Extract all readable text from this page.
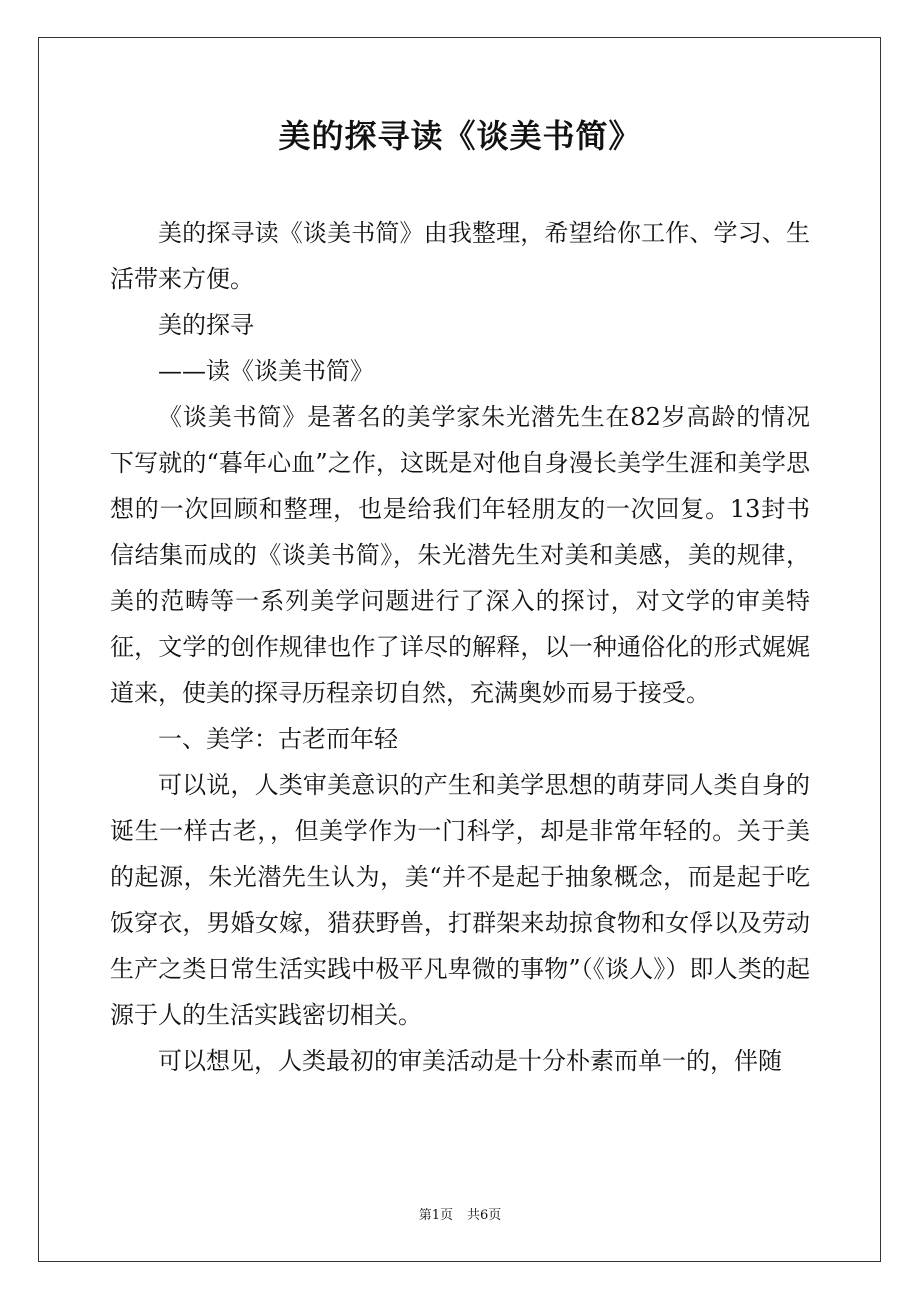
美的探寻读《谈美书简》

美的探寻读《谈美书简》由我整理，希望给你工作、学习、生活带来方便。

美的探寻

——读《谈美书简》

《谈美书简》是著名的美学家朱光潜先生在82岁高龄的情况下写就的“暮年心血”之作，这既是对他自身漫长美学生涯和美学思想的一次回顾和整理，也是给我们年轻朋友的一次回复。13封书信结集而成的《谈美书简》，朱光潜先生对美和美感，美的规律，美的范畴等一系列美学问题进行了深入的探讨，对文学的审美特征，文学的创作规律也作了详尽的解释，以一种通俗化的形式娓娓道来，使美的探寻历程亲切自然，充满奥妙而易于接受。

一、美学：古老而年轻

可以说，人类审美意识的产生和美学思想的萌芽同人类自身的诞生一样古老，，但美学作为一门科学，却是非常年轻的。关于美的起源，朱光潜先生认为，美“并不是起于抽象概念，而是起于吃饭穿衣，男婚女嫁，猎获野兽，打群架来劫掠食物和女俘以及劳动生产之类日常生活实践中极平凡卑微的事物”（《谈人》）即人类的起源于人的生活实践密切相关。

可以想见，人类最初的审美活动是十分朴素而单一的，伴随

第1页 共6页
